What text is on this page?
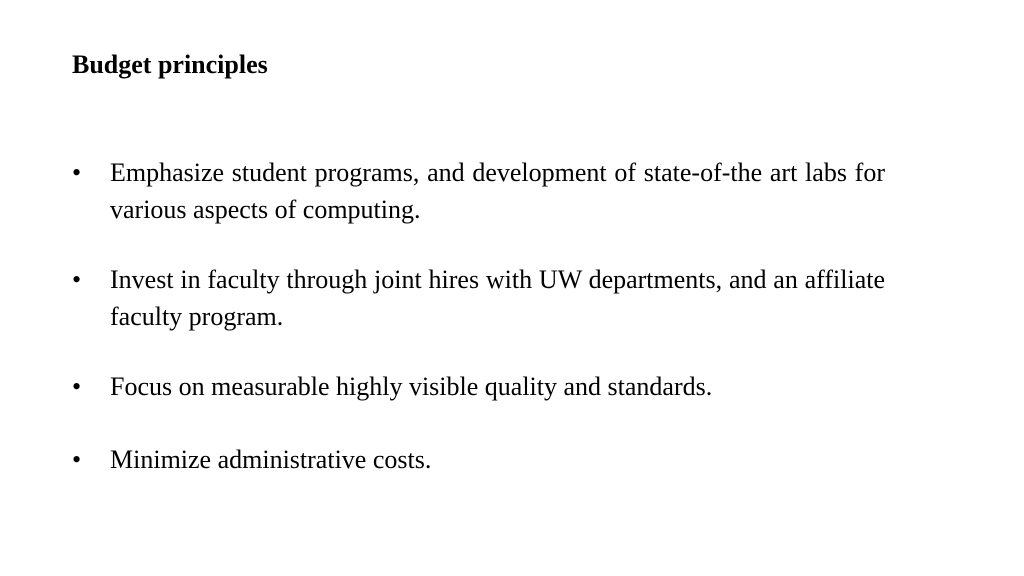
Budget principles
•	Emphasize student programs, and development of state-of-the art labs for various aspects of computing.
•	Invest in faculty through joint hires with UW departments, and an affiliate faculty program.
•	Focus on measurable highly visible quality and standards.
•	Minimize administrative costs.
